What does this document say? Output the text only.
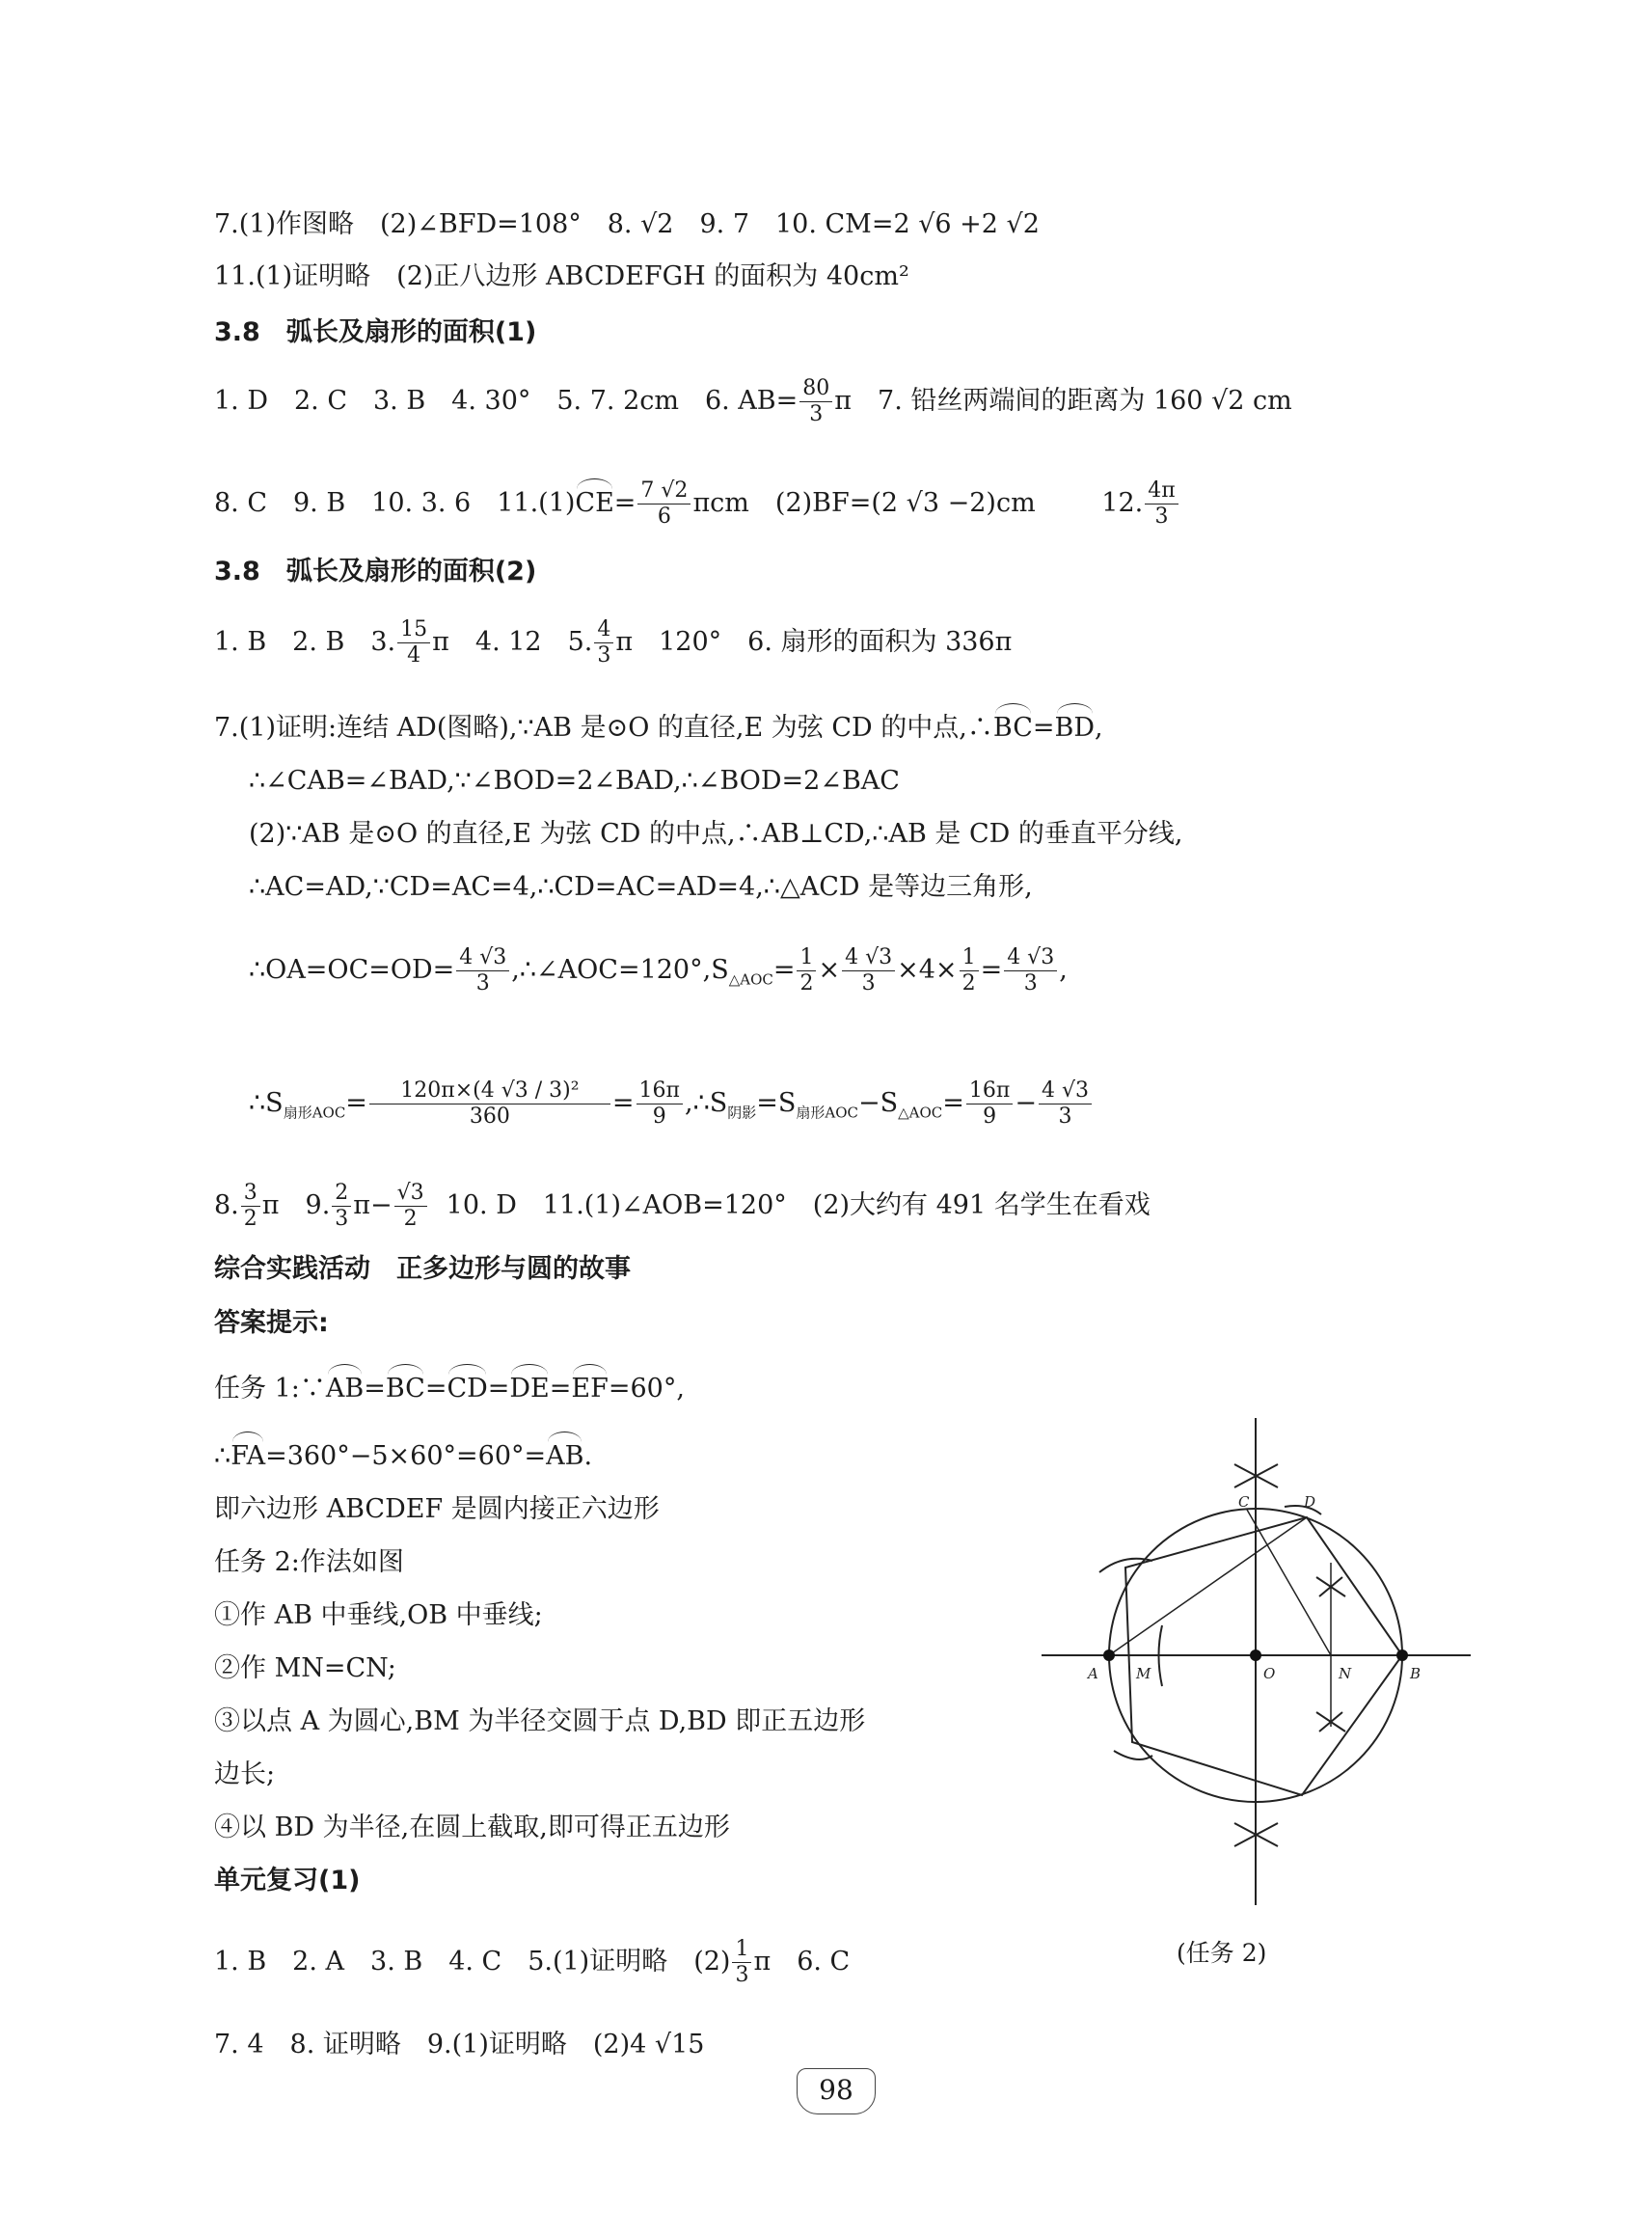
7.(1)作图略　(2)∠BFD=108°　8. √2　9. 7　10. CM=2 √6 +2 √2
11.(1)证明略　(2)正八边形 ABCDEFGH 的面积为 40cm²
3.8　弧长及扇形的面积(1)
1. D　2. C　3. B　4. 30°　5. 7. 2cm　6. $AB= \frac{80}{3}$ π　7. 铅丝两端间的距离为 160 √2 cm
8. C　9. B　10. 3. 6　$11.(1)CE= \frac{7 √2}{6}$ πcm　(2)BF=(2 √3 −2)cm	12. $\frac{4\pi}{3}$
3.8　弧长及扇形的面积(2)
1. B　2. B　3. $\frac{15}{4}$ π　4. 12　5. $\frac{4}{3}$ π　120°　6. 扇形的面积为 336π
7.(1)证明:连结 AD(图略),∵AB 是⊙O 的直径,E 为弦 CD 的中点,∴BC=BD,
∴∠CAB=∠BAD,∵∠BOD=2∠BAD,∴∠BOD=2∠BAC
(2)∵AB 是⊙O 的直径,E 为弦 CD 的中点,∴AB⊥CD,∴AB 是 CD 的垂直平分线,
∴AC=AD,∵CD=AC=4,∴CD=AC=AD=4,∴△ACD 是等边三角形,
∴OA=OC=OD= $\frac{4 √3}{3}$ $,\therefore\angle AOC=120^\circ,S_{\triangle AOC}= \frac{1}{2} \times \frac{4 √3}{3} \times 4\times \frac{1}{2} = \frac{4 √3}{3}$ ,
$\therefore S_{扇形AOC}= \frac{\text{120π×(4 √3 / 3)²}}{360} = \frac{16\pi}{9}$ $,\therefore S_{阴影}=S_{扇形AOC}-S_{\triangle AOC}= \frac{16\pi}{9} - \frac{4 √3}{3}$
8. $\frac{3}{2}$ π　9. $\frac{2}{3} \pi- \frac{√3}{2} 10$. D　11.(1)∠AOB=120°　(2)大约有 491 名学生在看戏
综合实践活动　正多边形与圆的故事
答案提示:
任务 1:∵AB=BC=CD=DE=EF=60°,
∴FA=360°−5×60°=60°=AB.
即六边形 ABCDEF 是圆内接正六边形
任务 2:作法如图
①作 AB 中垂线,OB 中垂线;
②作 MN=CN;
③以点 A 为圆心,BM 为半径交圆于点 D,BD 即正五边形
边长;
④以 BD 为半径,在圆上截取,即可得正五边形
单元复习(1)
1. B　2. A　3. B　4. C　5.(1)证明略　$(2) \frac{1}{3}$ π　6. C
7. 4　8. 证明略　9.(1)证明略　(2)4 √15
A	M	O	N	B
C	D
(任务 2)
98
